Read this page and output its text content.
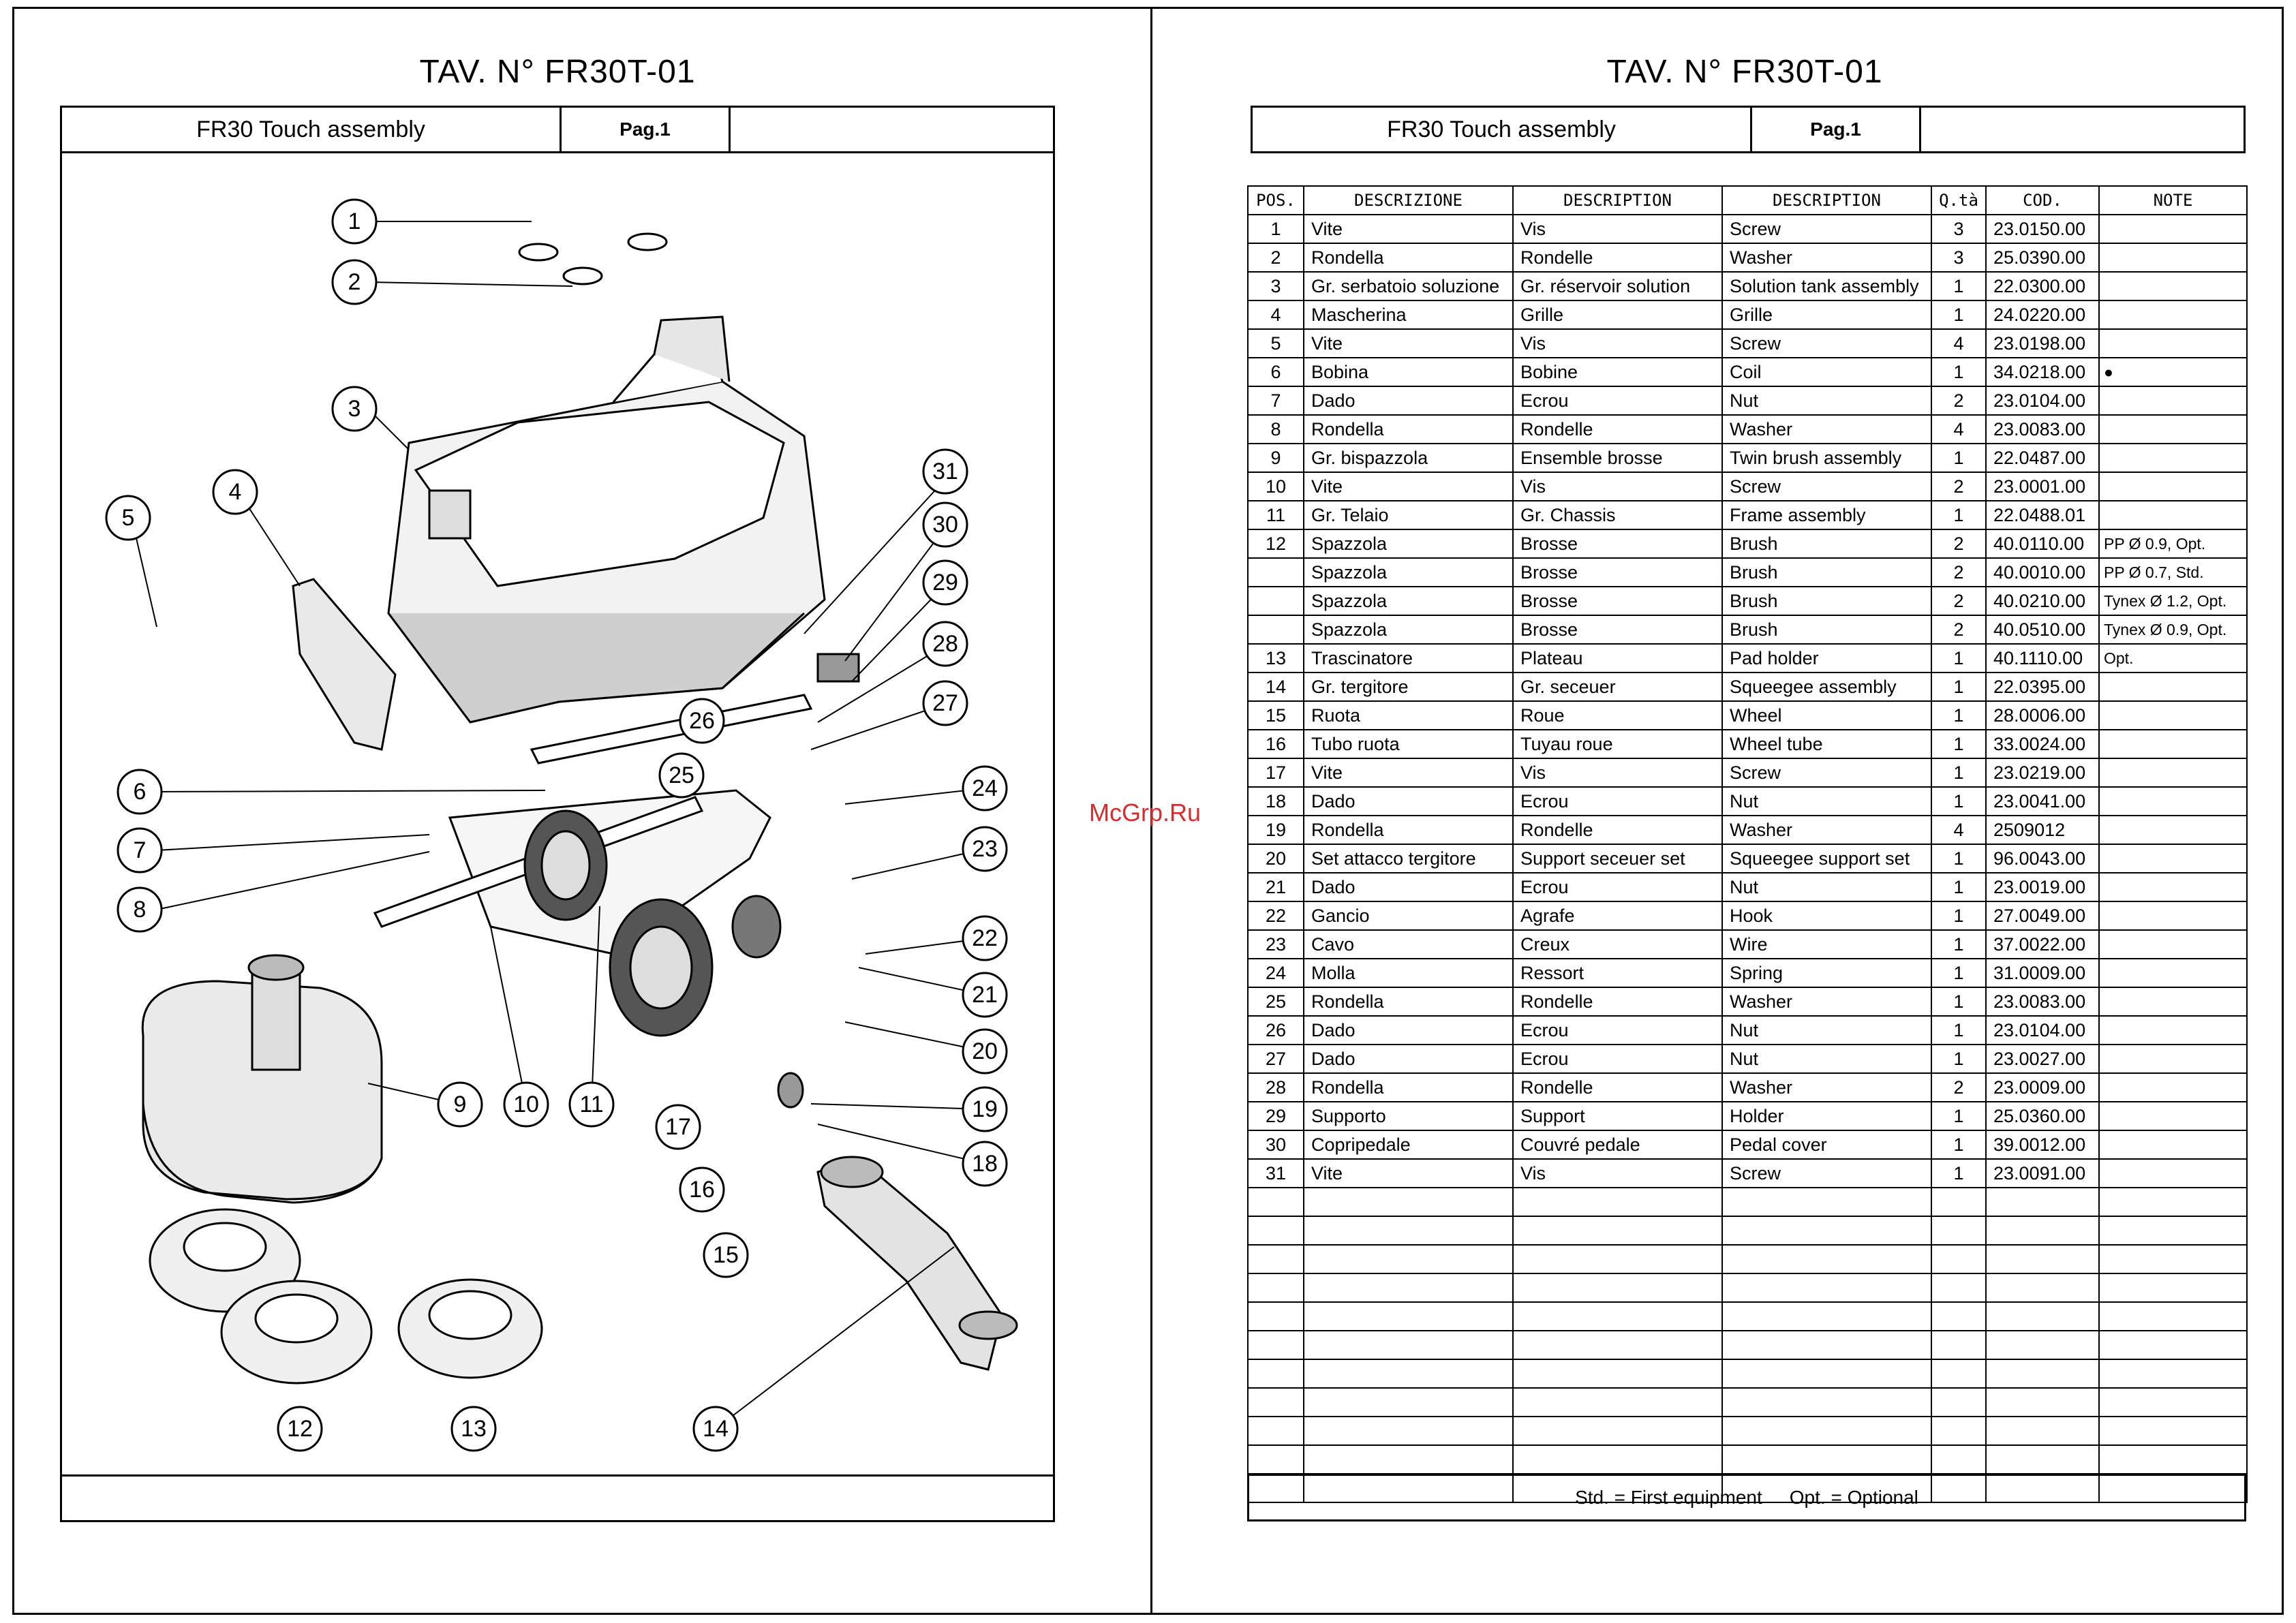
TAV. N° FR30T-01
FR30 Touch assembly	Pag.1
1
2
3
4
5
6
7
8
9 10 11
12	13	14
15
16
17
18
19
20
21
22
23
24
25
26
27
28
29
30
31
McGrp.Ru
TAV. N° FR30T-01
FR30 Touch assembly	Pag.1
POS.	DESCRIZIONE	DESCRIPTION	DESCRIPTION	Q.tà	COD.	NOTE
1	Vite	Vis	Screw	3	23.0150.00	
2	Rondella	Rondelle	Washer	3	25.0390.00	
3	Gr. serbatoio soluzione	Gr. réservoir solution	Solution tank assembly	1	22.0300.00	
4	Mascherina	Grille	Grille	1	24.0220.00	
5	Vite	Vis	Screw	4	23.0198.00	
6	Bobina	Bobine	Coil	1	34.0218.00	●
7	Dado	Ecrou	Nut	2	23.0104.00	
8	Rondella	Rondelle	Washer	4	23.0083.00	
9	Gr. bispazzola	Ensemble brosse	Twin brush assembly	1	22.0487.00	
10	Vite	Vis	Screw	2	23.0001.00	
11	Gr. Telaio	Gr. Chassis	Frame assembly	1	22.0488.01	
12	Spazzola	Brosse	Brush	2	40.0110.00	PP Ø 0.9, Opt.
	Spazzola	Brosse	Brush	2	40.0010.00	PP Ø 0.7, Std.
	Spazzola	Brosse	Brush	2	40.0210.00	Tynex Ø 1.2, Opt.
	Spazzola	Brosse	Brush	2	40.0510.00	Tynex Ø 0.9, Opt.
13	Trascinatore	Plateau	Pad holder	1	40.1110.00	Opt.
14	Gr. tergitore	Gr. seceuer	Squeegee assembly	1	22.0395.00	
15	Ruota	Roue	Wheel	1	28.0006.00	
16	Tubo ruota	Tuyau roue	Wheel tube	1	33.0024.00	
17	Vite	Vis	Screw	1	23.0219.00	
18	Dado	Ecrou	Nut	1	23.0041.00	
19	Rondella	Rondelle	Washer	4	2509012	
20	Set attacco tergitore	Support seceuer set	Squeegee support set	1	96.0043.00	
21	Dado	Ecrou	Nut	1	23.0019.00	
22	Gancio	Agrafe	Hook	1	27.0049.00	
23	Cavo	Creux	Wire	1	37.0022.00	
24	Molla	Ressort	Spring	1	31.0009.00	
25	Rondella	Rondelle	Washer	1	23.0083.00	
26	Dado	Ecrou	Nut	1	23.0104.00	
27	Dado	Ecrou	Nut	1	23.0027.00	
28	Rondella	Rondelle	Washer	2	23.0009.00	
29	Supporto	Support	Holder	1	25.0360.00	
30	Copripedale	Couvré pedale	Pedal cover	1	39.0012.00	
31	Vite	Vis	Screw	1	23.0091.00	

Std. = First equipment Opt. = Optional
